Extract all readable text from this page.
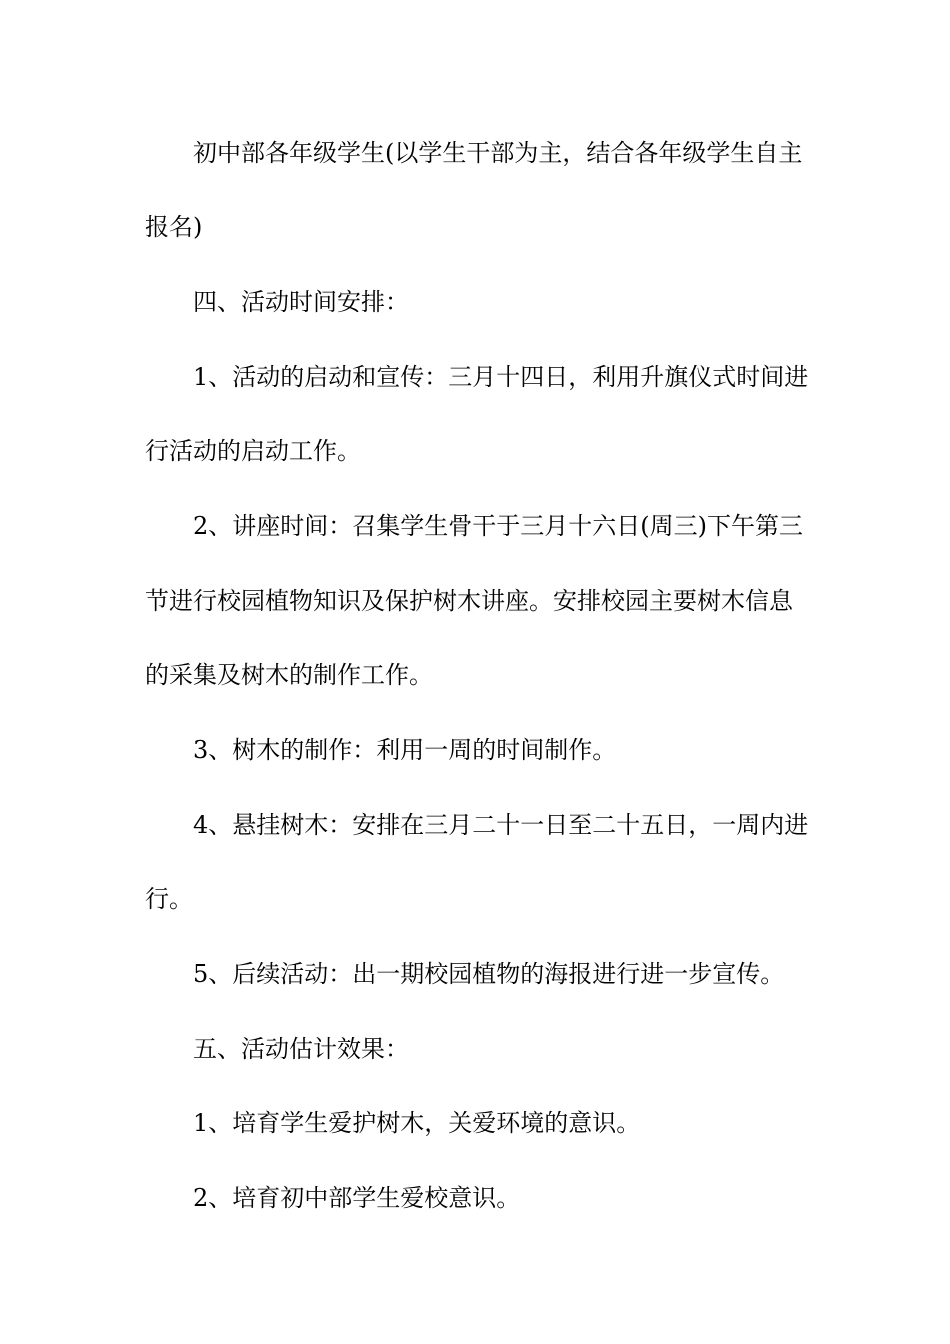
初中部各年级学生(以学生干部为主，结合各年级学生自主
报名)
四、活动时间安排：
1、活动的启动和宣传：三月十四日，利用升旗仪式时间进
行活动的启动工作。
2、讲座时间：召集学生骨干于三月十六日(周三)下午第三
节进行校园植物知识及保护树木讲座。安排校园主要树木信息
的采集及树木的制作工作。
3、树木的制作：利用一周的时间制作。
4、悬挂树木：安排在三月二十一日至二十五日，一周内进
行。
5、后续活动：出一期校园植物的海报进行进一步宣传。
五、活动估计效果：
1、培育学生爱护树木，关爱环境的意识。
2、培育初中部学生爱校意识。
